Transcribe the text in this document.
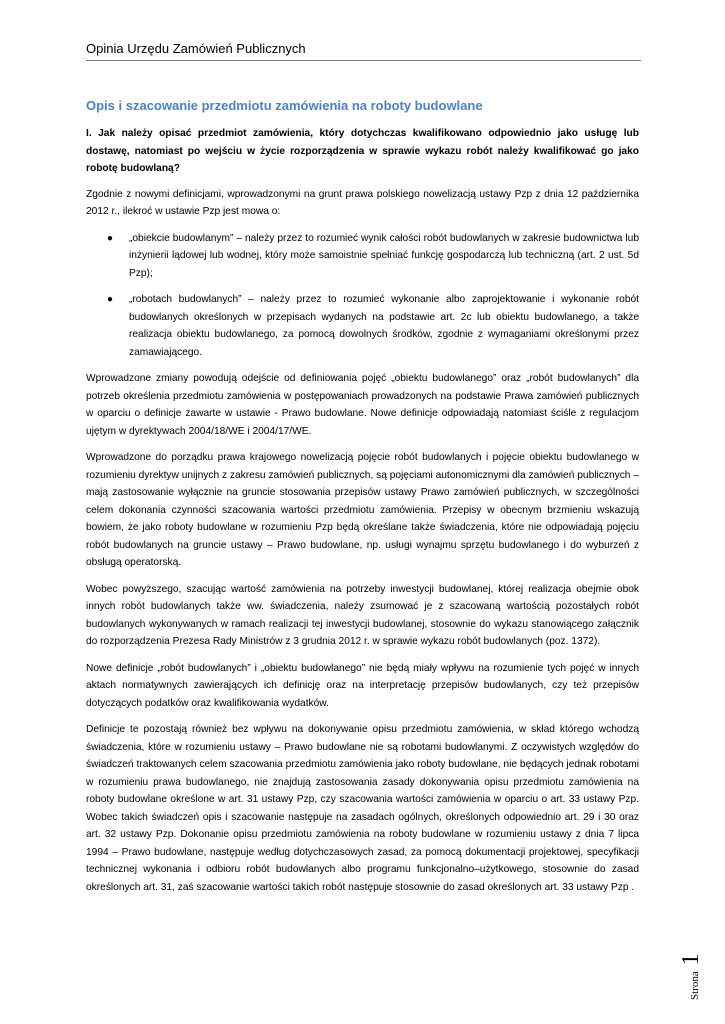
Opinia Urzędu Zamówień Publicznych
Opis i szacowanie przedmiotu zamówienia na roboty budowlane

I. Jak należy opisać przedmiot zamówienia, który dotychczas kwalifikowano odpowiednio jako usługę lub dostawę, natomiast po wejściu w życie rozporządzenia w sprawie wykazu robót należy kwalifikować go jako robotę budowlaną?

Zgodnie z nowymi definicjami, wprowadzonymi na grunt prawa polskiego nowelizacją ustawy Pzp z dnia 12 października 2012 r., ilekroć w ustawie Pzp jest mowa o:

● „obiekcie budowlanym” – należy przez to rozumieć wynik całości robót budowlanych w zakresie budownictwa lub inżynierii lądowej lub wodnej, który może samoistnie spełniać funkcję gospodarczą lub techniczną (art. 2 ust. 5d Pzp);
● „robotach budowlanych” – należy przez to rozumieć wykonanie albo zaprojektowanie i wykonanie robót budowlanych określonych w przepisach wydanych na podstawie art. 2c lub obiektu budowlanego, a także realizacja obiektu budowlanego, za pomocą dowolnych środków, zgodnie z wymaganiami określonymi przez zamawiającego.

Wprowadzone zmiany powodują odejście od definiowania pojęć „obiektu budowlanego” oraz „robót budowlanych” dla potrzeb określenia przedmiotu zamówienia w postępowaniach prowadzonych na podstawie Prawa zamówień publicznych w oparciu o definicje zawarte w ustawie - Prawo budowlane. Nowe definicje odpowiadają natomiast ściśle z regulacjom ujętym w dyrektywach 2004/18/WE i 2004/17/WE.

Wprowadzone do porządku prawa krajowego nowelizacją pojęcie robót budowlanych i pojęcie obiektu budowlanego w rozumieniu dyrektyw unijnych z zakresu zamówień publicznych, są pojęciami autonomicznymi dla zamówień publicznych – mają zastosowanie wyłącznie na gruncie stosowania przepisów ustawy Prawo zamówień publicznych, w szczególności celem dokonania czynności szacowania wartości przedmiotu zamówienia. Przepisy w obecnym brzmieniu wskazują bowiem, że jako roboty budowlane w rozumieniu Pzp będą określane także świadczenia, które nie odpowiadają pojęciu robót budowlanych na gruncie ustawy – Prawo budowlane, np. usługi wynajmu sprzętu budowlanego i do wyburzeń z obsługą operatorską.

Wobec powyższego, szacując wartość zamówienia na potrzeby inwestycji budowlanej, której realizacja obejmie obok innych robót budowlanych także ww. świadczenia, należy zsumować je z szacowaną wartością pozostałych robót budowlanych wykonywanych w ramach realizacji tej inwestycji budowlanej, stosownie do wykazu stanowiącego załącznik do rozporządzenia Prezesa Rady Ministrów z 3 grudnia 2012 r. w sprawie wykazu robót budowlanych (poz. 1372).

Nowe definicje „robót budowlanych” i „obiektu budowlanego” nie będą miały wpływu na rozumienie tych pojęć w innych aktach normatywnych zawierających ich definicję oraz na interpretację przepisów budowlanych, czy też przepisów dotyczących podatków oraz kwalifikowania wydatków.

Definicje te pozostają również bez wpływu na dokonywanie opisu przedmiotu zamówienia, w skład którego wchodzą świadczenia, które w rozumieniu ustawy – Prawo budowlane nie są robotami budowlanymi. Z oczywistych względów do świadczeń traktowanych celem szacowania przedmiotu zamówienia jako roboty budowlane, nie będących jednak robotami w rozumieniu prawa budowlanego, nie znajdują zastosowania zasady dokonywania opisu przedmiotu zamówienia na roboty budowlane określone w art. 31 ustawy Pzp, czy szacowania wartości zamówienia w oparciu o art. 33 ustawy Pzp. Wobec takich świadczeń opis i szacowanie następuje na zasadach ogólnych, określonych odpowiednio art. 29 i 30 oraz art. 32 ustawy Pzp. Dokonanie opisu przedmiotu zamówienia na roboty budowlane w rozumieniu ustawy z dnia 7 lipca 1994 – Prawo budowlane, następuje według dotychczasowych zasad, za pomocą dokumentacji projektowej, specyfikacji technicznej wykonania i odbioru robót budowlanych albo programu funkcjonalno–użytkowego, stosownie do zasad określonych art. 31, zaś szacowanie wartości takich robót następuje stosownie do zasad określonych art. 33 ustawy Pzp .

Strona 1
